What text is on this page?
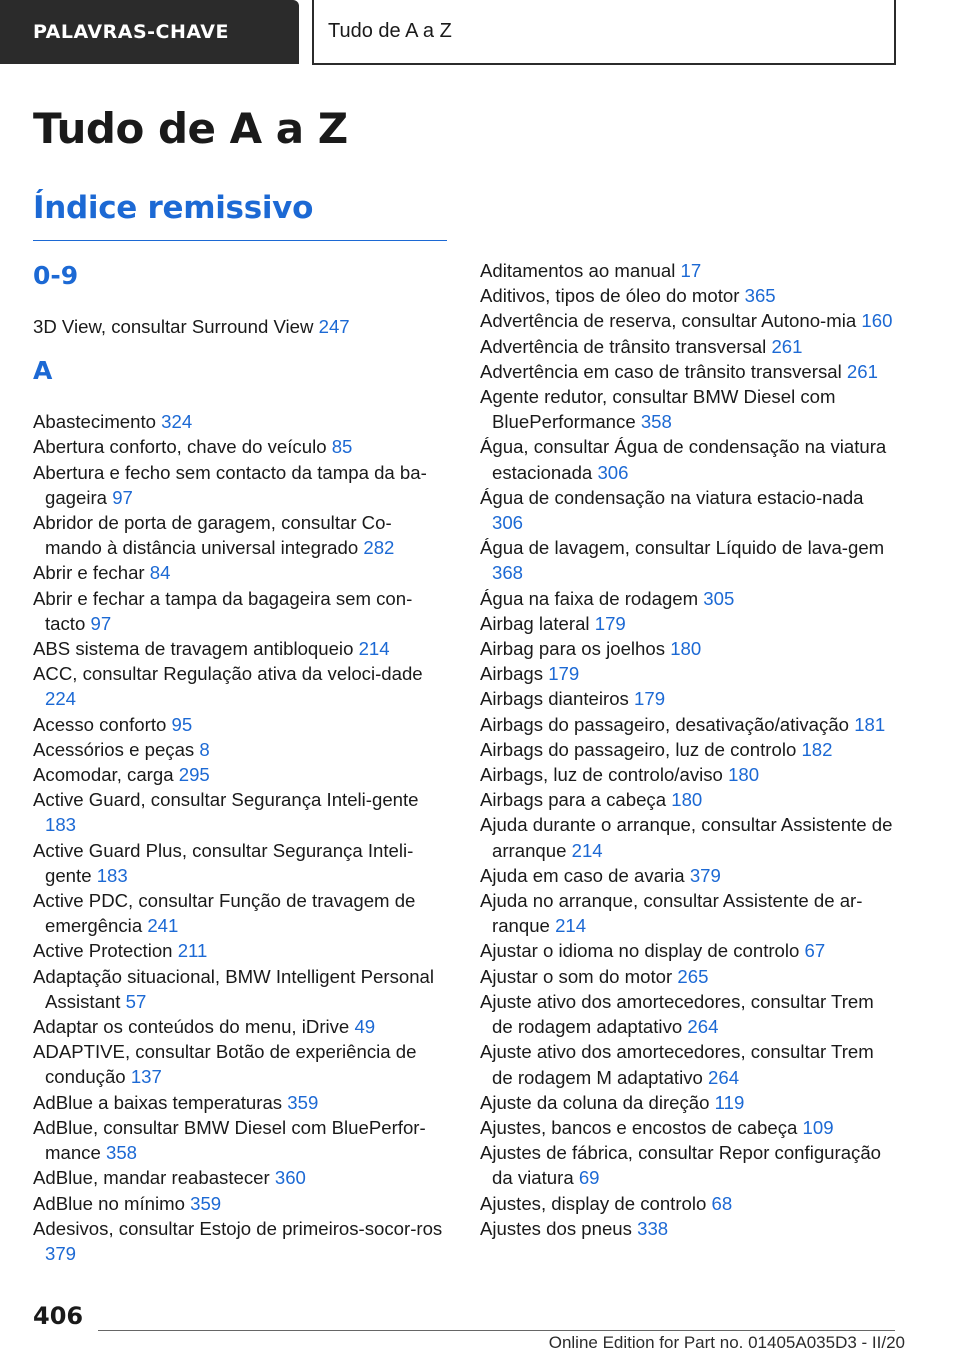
PALAVRAS-CHAVE	Tudo de A a Z
Tudo de A a Z
Índice remissivo
0-9
3D View, consultar Surround View 247
A
Abastecimento 324
Abertura conforto, chave do veículo 85
Abertura e fecho sem contacto da tampa da ba-gageira 97
Abridor de porta de garagem, consultar Co-mando à distância universal integrado 282
Abrir e fechar 84
Abrir e fechar a tampa da bagageira sem con-tacto 97
ABS sistema de travagem antibloqueio 214
ACC, consultar Regulação ativa da veloci-dade 224
Acesso conforto 95
Acessórios e peças 8
Acomodar, carga 295
Active Guard, consultar Segurança Inteli-gente 183
Active Guard Plus, consultar Segurança Inteli-gente 183
Active PDC, consultar Função de travagem de emergência 241
Active Protection 211
Adaptação situacional, BMW Intelligent Personal Assistant 57
Adaptar os conteúdos do menu, iDrive 49
ADAPTIVE, consultar Botão de experiência de condução 137
AdBlue a baixas temperaturas 359
AdBlue, consultar BMW Diesel com BluePerfor-mance 358
AdBlue, mandar reabastecer 360
AdBlue no mínimo 359
Adesivos, consultar Estojo de primeiros-socor-ros 379
Aditamentos ao manual 17
Aditivos, tipos de óleo do motor 365
Advertência de reserva, consultar Autono-mia 160
Advertência de trânsito transversal 261
Advertência em caso de trânsito transversal 261
Agente redutor, consultar BMW Diesel com BluePerformance 358
Água, consultar Água de condensação na viatura estacionada 306
Água de condensação na viatura estacio-nada 306
Água de lavagem, consultar Líquido de lava-gem 368
Água na faixa de rodagem 305
Airbag lateral 179
Airbag para os joelhos 180
Airbags 179
Airbags dianteiros 179
Airbags do passageiro, desativação/ativação 181
Airbags do passageiro, luz de controlo 182
Airbags, luz de controlo/aviso 180
Airbags para a cabeça 180
Ajuda durante o arranque, consultar Assistente de arranque 214
Ajuda em caso de avaria 379
Ajuda no arranque, consultar Assistente de ar-ranque 214
Ajustar o idioma no display de controlo 67
Ajustar o som do motor 265
Ajuste ativo dos amortecedores, consultar Trem de rodagem adaptativo 264
Ajuste ativo dos amortecedores, consultar Trem de rodagem M adaptativo 264
Ajuste da coluna da direção 119
Ajustes, bancos e encostos de cabeça 109
Ajustes de fábrica, consultar Repor configuração da viatura 69
Ajustes, display de controlo 68
Ajustes dos pneus 338
406
Online Edition for Part no. 01405A035D3 - II/20
